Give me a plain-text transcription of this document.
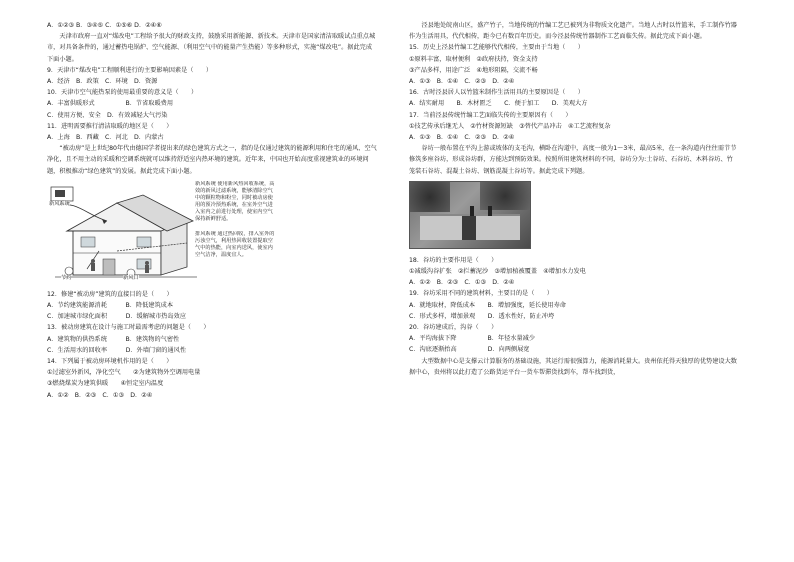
A．①②③ B．③④⑤ C．①⑤⑥ D．②④⑥
天津市政府一直对“煤改电”工程给予很大的财政支持，鼓励采用新能源、新技术。天津市是国家清洁取暖试点重点城市，对具备条件的，通过蓄热电锅炉、空气能源、（利用空气中的能量产生热能）等多种形式，实施“煤改电”。据此完成下面小题。
9．天津市“煤改电”工程顺利进行的主要影响因素是（　　）
A．经济　B．政策　C．环境　D．资源
10．天津市空气能热泵的使用最重要的意义是（　　）
A．丰富供暖形式　　　　　B．节省取暖费用
C．使用方便、安全　D．有效减轻大气污染
11．进明需要推行清洁取暖的地区是（　　）
A．上海　B．西藏　C．河北　D．内蒙古
“被动房”是上世纪80年代由德国学者提出来的绿色建筑方式之一，指的是仅通过建筑的能源利用和住宅的通风、空气净化，且不用主动的采暖和空调系统就可以维持舒适室内热环境的建筑。近年来，中国也开始高度重视建筑业的环境问题，积极推动“绿色建筑”的发展。据此完成下面小题。
新风系统
新风系统 使用新风热回收系统，高效的新风过滤系统，能够清除空气中的颗粒物和粉尘，同时被动房使用的预冷预热系统，在室外空气进入室内之前进行处理，使室内空气保持新鲜舒适。
排风系统 通过热回收，排入室外的污浊空气，利用热回收装置提取空气中的热能，向室内送风，使室内空气洁净，温度宜人。
节约	新风口
12．修建“被动房”建筑的直接目的是（　　）
A．节约建筑能源消耗　　　B．降低建筑成本
C．加速城市绿化面积　　　D．缓解城市热岛效应
13．被动房建筑在设计与施工时最需考虑的问题是（　　）
A．建筑物的供热系统　　　B．建筑物的气密性
C．生活用水的回收率　　　D．外墙门窗的通风性
14．下列属于被动房环境机作用的是（　　）
①过滤室外新风，净化空气　　②为建筑物外空调用电量
③燃烧煤炭为建筑供暖　　④恒定室内温度
A．①②　B．②③　C．①③　D．②④
泾县地处皖南山区，盛产竹子，当地传统的竹编工艺已被列为非物质文化遗产。当地人古时以竹篮米，手工制作竹器作为生活用具，代代相传，距今已有数百年历史。而今泾县传统竹器制作工艺面临失传。据此完成下面小题。
15．历史上泾县竹编工艺能够代代相传，主要由于当地（　　）
①原料丰富，取材便利　②政府扶持，资金支持
③产品多样，用途广泛　④地形阻隔，交流不畅
A．①③　B．①④　C．②③　D．②④
16．古时泾县居人以竹篮米制作生活用具的主要原因是（　　）
A．结实耐用　　B．木材匮乏　　C．便于加工　　D．美观大方
17．当前泾县传统竹编工艺面临失传的主要原因有（　　）
①技艺传承后继无人　②竹材资源短缺　③替代产品冲击　④工艺流程复杂
A．①③　B．①④　C．②③　D．②④
谷坊一般布置在平沟上游或坡体的支毛沟，横卧在沟道中，高度一般为1～3米，最高5米，在一条沟道内往往需节节修筑多座谷坊，形成谷坊群，方能达到预防效果。按照所用建筑材料的不同，谷坊分为:土谷坊、石谷坊、木料谷坊、竹笼装石谷坊、混凝土谷坊、钢筋混凝土谷坊等。据此完成下列题。
18．谷坊的主要作用是（　　）
①减缓沟谷扩张　②拦蓄泥沙　③增加植被覆盖　④增加水力发电
A．①②　B．②③　C．①③　D．②④
19．谷坊采用不同的建筑材料，主要目的是（　　）
A．就地取材，降低成本　　B．增加强度，延长使用寿命
C．形式多样，增加景观　　D．透水性好，防止冲垮
20．谷坊建成后，沟谷（　　）
A．平均海拔下降　　　　　B．年径水量减少
C．沟底逐渐抬高　　　　　D．向两侧展宽
大型数据中心是支撑云计算服务的基础设施，其运行需很强算力，能源消耗量大。贵州依托得天独厚的优势建设大数据中心，贵州将以此打造了公路货运平台一货车帮滞货找到车，帮车找到货，
